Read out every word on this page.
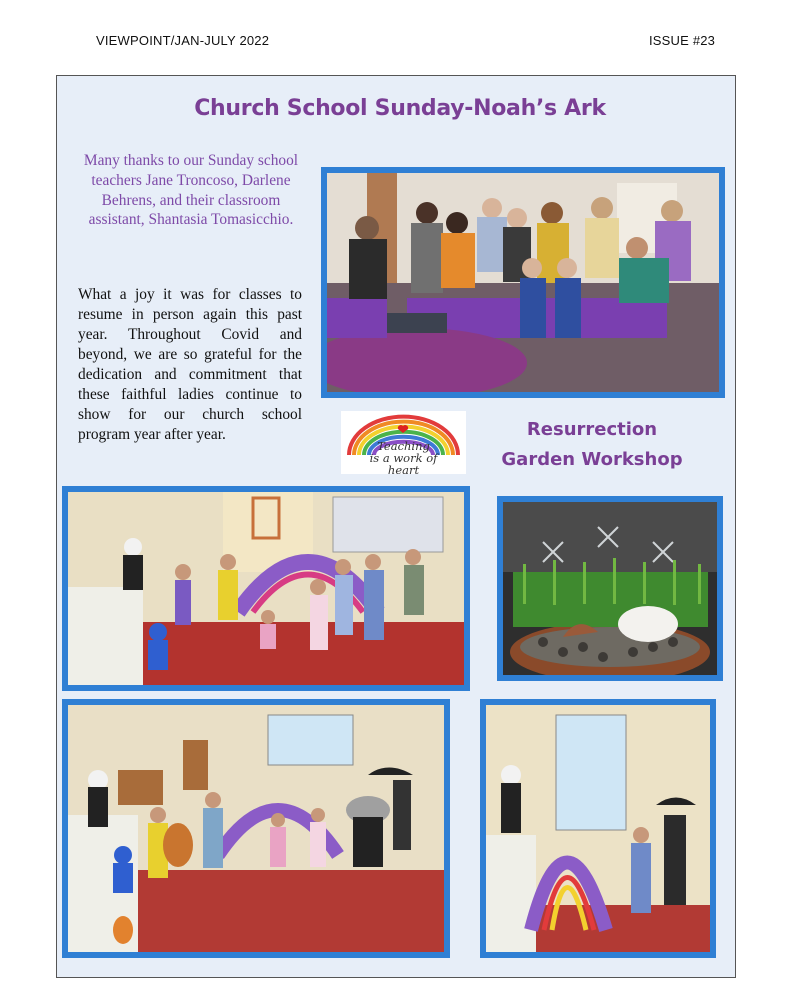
VIEWPOINT/JAN-JULY 2022	ISSUE #23
Church School Sunday-Noah’s Ark
Many thanks to our Sunday school teachers Jane Troncoso, Darlene Behrens, and their classroom assistant, Shantasia Tomasicchio.
What a joy it was for classes to resume in person again this past year. Throughout Covid and beyond, we are so grateful for the dedication and commitment that these faithful ladies continue to show for our church school program year after year.
Teaching
is a work of
heart
Resurrection
Garden Workshop
